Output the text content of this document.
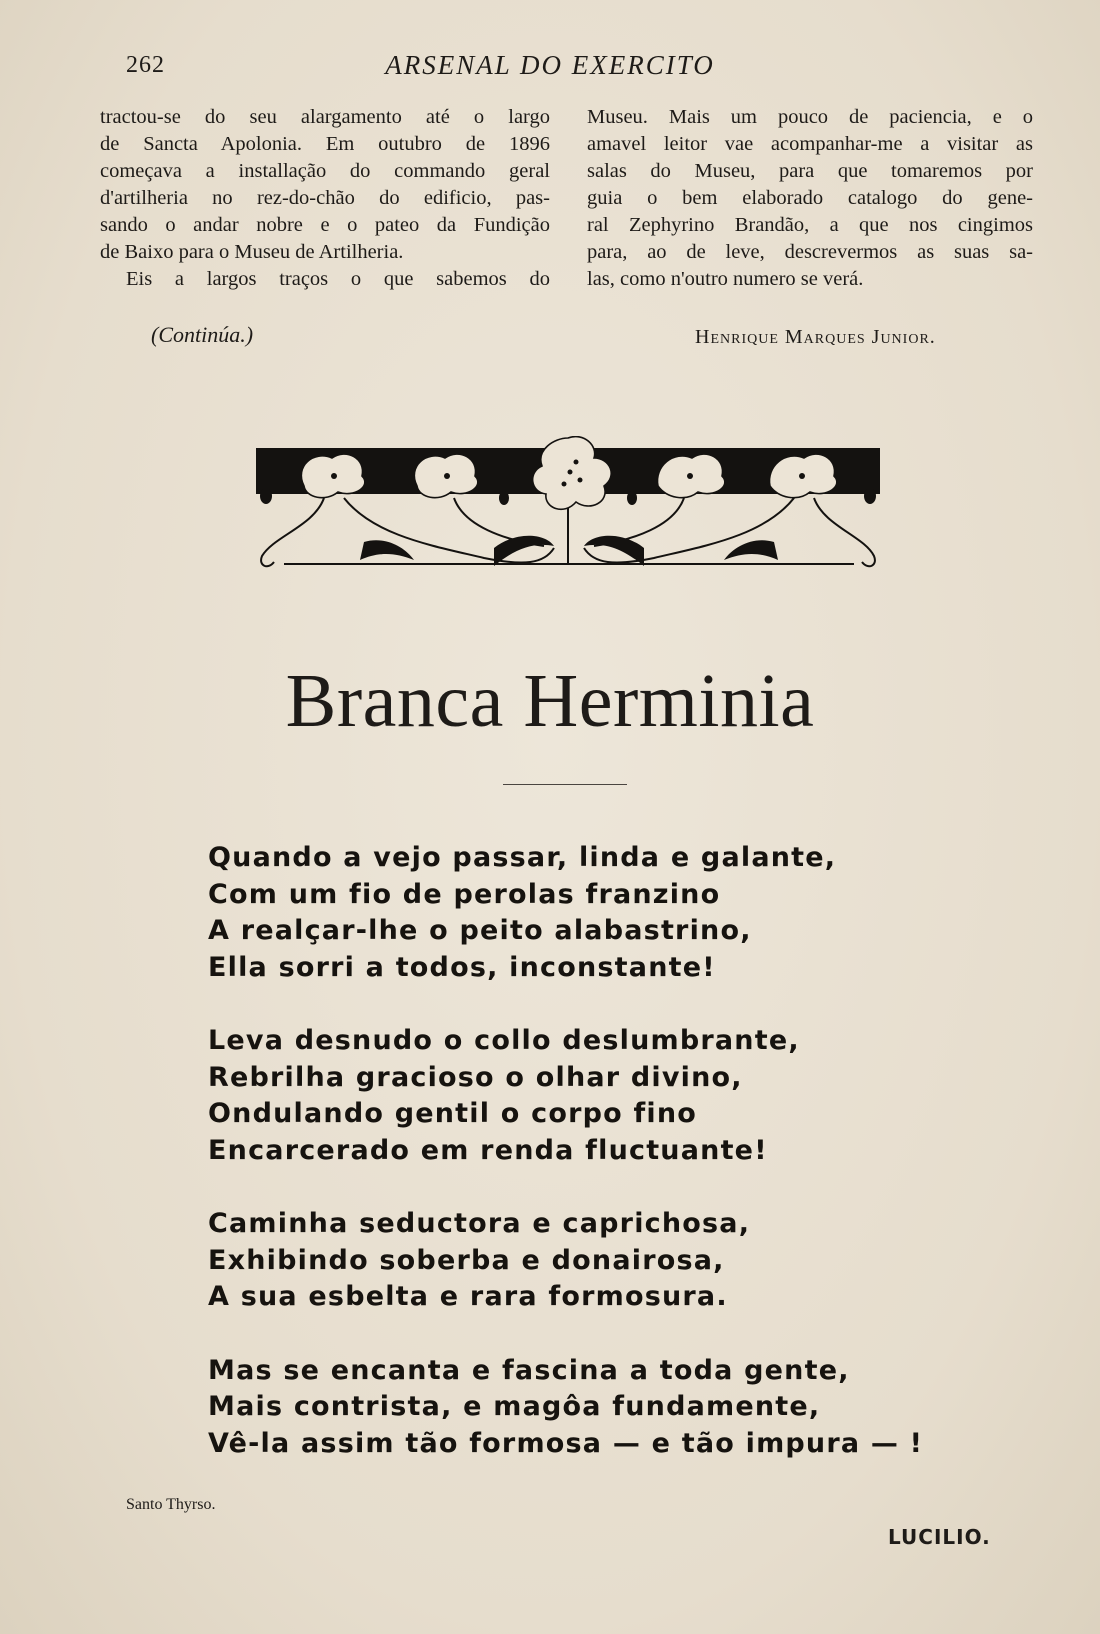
262	ARSENAL DO EXERCITO
tractou-se do seu alargamento até o largo
de Sancta Apolonia. Em outubro de 1896
começava a installação do commando geral
d'artilheria no rez-do-chão do edificio, pas-
sando o andar nobre e o pateo da Fundição
de Baixo para o Museu de Artilheria.
Eis a largos traços o que sabemos do
Museu. Mais um pouco de paciencia, e o
amavel leitor vae acompanhar-me a visitar as
salas do Museu, para que tomaremos por
guia o bem elaborado catalogo do gene-
ral Zephyrino Brandão, a que nos cingimos
para, ao de leve, descrevermos as suas sa-
las, como n'outro numero se verá.
(Continúa.)	Henrique Marques Junior.
Branca Herminia
Quando a vejo passar, linda e galante,
Com um fio de perolas franzino
A realçar-lhe o peito alabastrino,
Ella sorri a todos, inconstante!
Leva desnudo o collo deslumbrante,
Rebrilha gracioso o olhar divino,
Ondulando gentil o corpo fino
Encarcerado em renda fluctuante!
Caminha seductora e caprichosa,
Exhibindo soberba e donairosa,
A sua esbelta e rara formosura.
Mas se encanta e fascina a toda gente,
Mais contrista, e magôa fundamente,
Vê-la assim tão formosa — e tão impura — !
Santo Thyrso.
LUCILIO.
